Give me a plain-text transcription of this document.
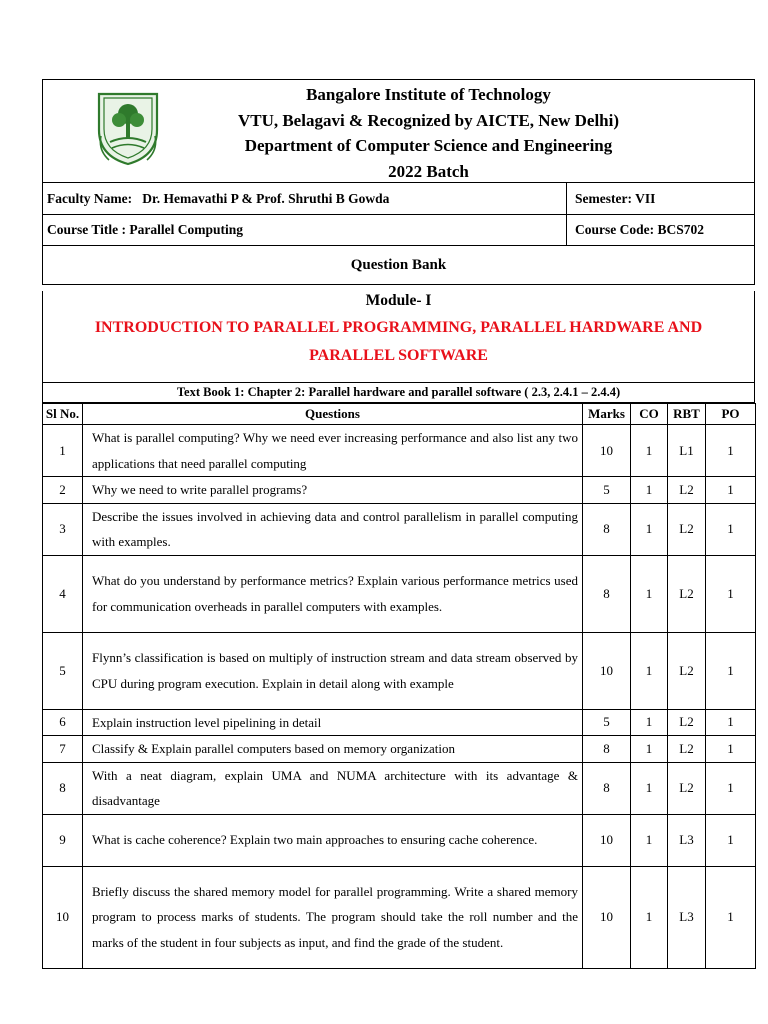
Bangalore Institute of Technology
VTU, Belagavi & Recognized by AICTE, New Delhi)
Department of Computer Science and Engineering
2022 Batch
Faculty Name:
Dr. Hemavathi P & Prof. Shruthi B Gowda	Semester: VII
Course Title : Parallel Computing	Course Code: BCS702
Question Bank
Module- I
INTRODUCTION TO PARALLEL PROGRAMMING, PARALLEL HARDWARE AND PARALLEL SOFTWARE
Text Book 1: Chapter 2: Parallel hardware and parallel software ( 2.3, 2.4.1 – 2.4.4)
Sl No.	Questions	Marks	CO	RBT	PO
1	What is parallel computing? Why we need ever increasing performance and also list any two applications that need parallel computing	10	1	L1	1
2	Why we need to write parallel programs?	5	1	L2	1
3	Describe the issues involved in achieving data and control parallelism in parallel computing with examples.	8	1	L2	1
4	What do you understand by performance metrics? Explain various performance metrics used for communication overheads in parallel computers with examples.	8	1	L2	1
5	Flynn’s classification is based on multiply of instruction stream and data stream observed by CPU during program execution. Explain in detail along with example	10	1	L2	1
6	Explain instruction level pipelining in detail	5	1	L2	1
7	Classify & Explain parallel computers based on memory organization	8	1	L2	1
8	With a neat diagram, explain UMA and NUMA architecture with its advantage & disadvantage	8	1	L2	1
9	What is cache coherence? Explain two main approaches to ensuring cache coherence.	10	1	L3	1
10	Briefly discuss the shared memory model for parallel programming. Write a shared memory program to process marks of students. The program should take the roll number and the marks of the student in four subjects as input, and find the grade of the student.	10	1	L3	1
